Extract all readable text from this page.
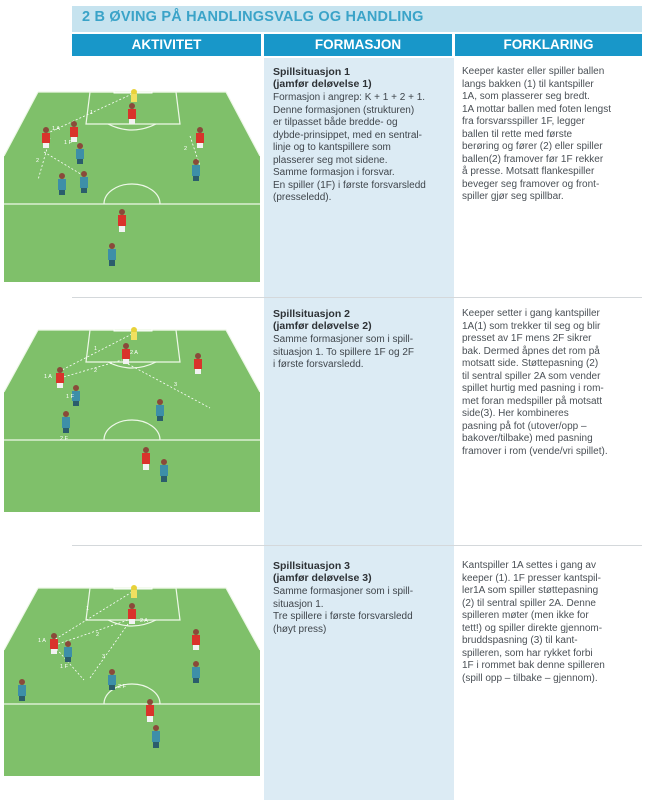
2 B ØVING PÅ HANDLINGSVALG OG HANDLING
AKTIVITET	FORMASJON	FORKLARING
1 A
1 F
1
2
2
Spillsituasjon 1
(jamfør deløvelse 1)
Formasjon i angrep: K + 1 + 2 + 1.
Denne formasjonen (strukturen)
er tilpasset både bredde- og
dybde-prinsippet, med en sentral-
linje og to kantspillere som
plasserer seg mot sidene.
Samme formasjon i forsvar.
En spiller (1F) i første forsvarsledd
(presseledd).
Keeper kaster eller spiller ballen
langs bakken (1) til kantspiller
1A, som plasserer seg bredt.
1A mottar ballen med foten lengst
fra forsvarsspiller 1F, legger
ballen til rette med første
berøring og fører (2) eller spiller
ballen(2) framover før 1F rekker
å presse. Motsatt flankespiller
beveger seg framover og front-
spiller gjør seg spillbar.
1 A
1 F
2 F
2 A
1
2
3
Spillsituasjon 2
(jamfør deløvelse 2)
Samme formasjoner som i spill-
situasjon 1. To spillere 1F og 2F
i første forsvarsledd.
Keeper setter i gang kantspiller
1A(1) som trekker til seg og blir
presset av 1F mens 2F sikrer
bak. Dermed åpnes det rom på
motsatt side. Støttepasning (2)
til sentral spiller 2A som vender
spillet hurtig med pasning i rom-
met foran medspiller på motsatt
side(3). Her kombineres
pasning på fot (utover/opp –
bakover/tilbake) med pasning
framover i rom (vende/vri spillet).
1 A
1 F
2 F
2 A
1
2
3
Spillsituasjon 3
(jamfør deløvelse 3)
Samme formasjoner som i spill-
situasjon 1.
Tre spillere i første forsvarsledd
(høyt press)
Kantspiller 1A settes i gang av
keeper (1). 1F presser kantspil-
ler1A som spiller støttepasning
(2) til sentral spiller 2A. Denne
spilleren møter (men ikke for
tett!) og spiller direkte gjennom-
bruddspasning (3) til kant-
spilleren, som har rykket forbi
1F i rommet bak denne spilleren
(spill opp – tilbake – gjennom).
